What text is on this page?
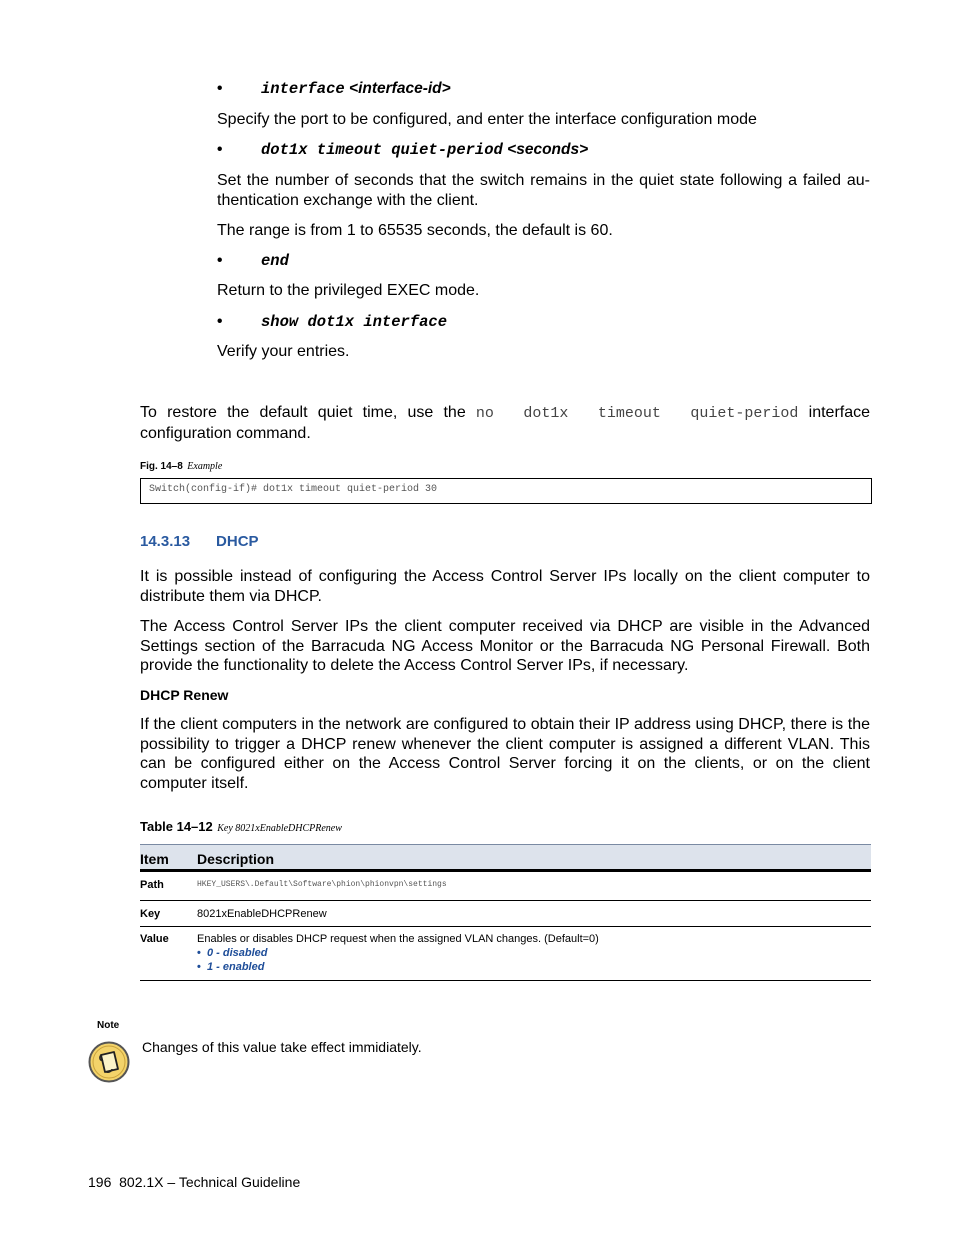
• interface <interface-id>
Specify the port to be configured, and enter the interface configuration mode
• dot1x timeout quiet-period <seconds>
Set the number of seconds that the switch remains in the quiet state following a failed au-thentication exchange with the client.
The range is from 1 to 65535 seconds, the default is 60.
• end
Return to the privileged EXEC mode.
• show dot1x interface
Verify your entries.
To restore the default quiet time, use the no  dot1x  timeout  quiet-period interface configuration command.
Fig. 14–8 Example
Switch(config-if)# dot1x timeout quiet-period 30
14.3.13 DHCP
It is possible instead of configuring the Access Control Server IPs locally on the client computer to distribute them via DHCP.
The Access Control Server IPs the client computer received via DHCP are visible in the Advanced Settings section of the Barracuda NG Access Monitor or the Barracuda NG Personal Firewall. Both provide the functionality to delete the Access Control Server IPs, if necessary.
DHCP Renew
If the client computers in the network are configured to obtain their IP address using DHCP, there is the possibility to trigger a DHCP renew whenever the client computer is assigned a different VLAN. This can be configured either on the Access Control Server forcing it on the clients, or on the client computer itself.
Table 14–12 Key 8021xEnableDHCPRenew
Item Description
Path	HKEY_USERS\.Default\Software\phion\phionvpn\settings
Key	8021xEnableDHCPRenew
Value	Enables or disables DHCP request when the assigned VLAN changes. (Default=0)
• 0 - disabled
• 1 - enabled
Note
Changes of this value take effect immidiately.
196 802.1X – Technical Guideline
